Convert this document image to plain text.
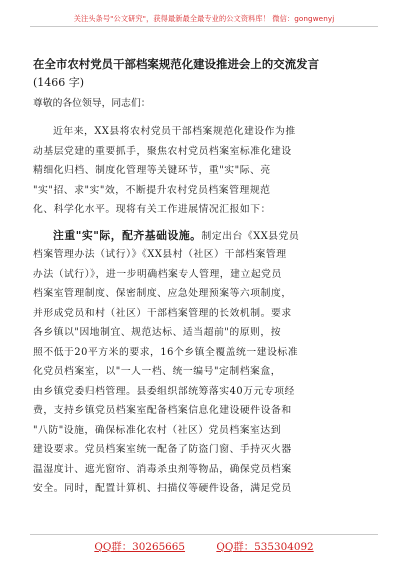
关注头条号"公文研究"，获得最新最全最专业的公文资料库！ 微信：gongwenyj
在全市农村党员干部档案规范化建设推进会上的交流发言
(1466 字)
尊敬的各位领导，同志们：
近年来，XX县将农村党员干部档案规范化建设作为推
动基层党建的重要抓手，聚焦农村党员档案室标准化建设
精细化归档、制度化管理等关键环节，重"实"际、亮
"实"招、求"实"效，不断提升农村党员档案管理规范
化、科学化水平。现将有关工作进展情况汇报如下：
注重"实"际，配齐基础设施。制定出台《XX县党员
档案管理办法（试行）》《XX县村（社区）干部档案管理
办法（试行）》，进一步明确档案专人管理，建立起党员
档案室管理制度、保密制度、应急处理预案等六项制度，
并形成党员和村（社区）干部档案管理的长效机制。要求
各乡镇以"因地制宜、规范达标、适当超前"的原则，按
照不低于20平方米的要求，16个乡镇全覆盖统一建设标准
化党员档案室，以"一人一档、统一编号"定制档案盒，
由乡镇党委归档管理。县委组织部统筹落实40万元专项经
费，支持乡镇党员档案室配备档案信息化建设硬件设备和
"八防"设施，确保标准化农村（社区）党员档案室达到
建设要求。党员档案室统一配备了防盗门窗、手持灭火器
温湿度计、遮光窗帘、消毒杀虫剂等物品，确保党员档案
安全。同时，配置计算机、扫描仪等硬件设备，满足党员
QQ群：30265665	QQ群：535304092
